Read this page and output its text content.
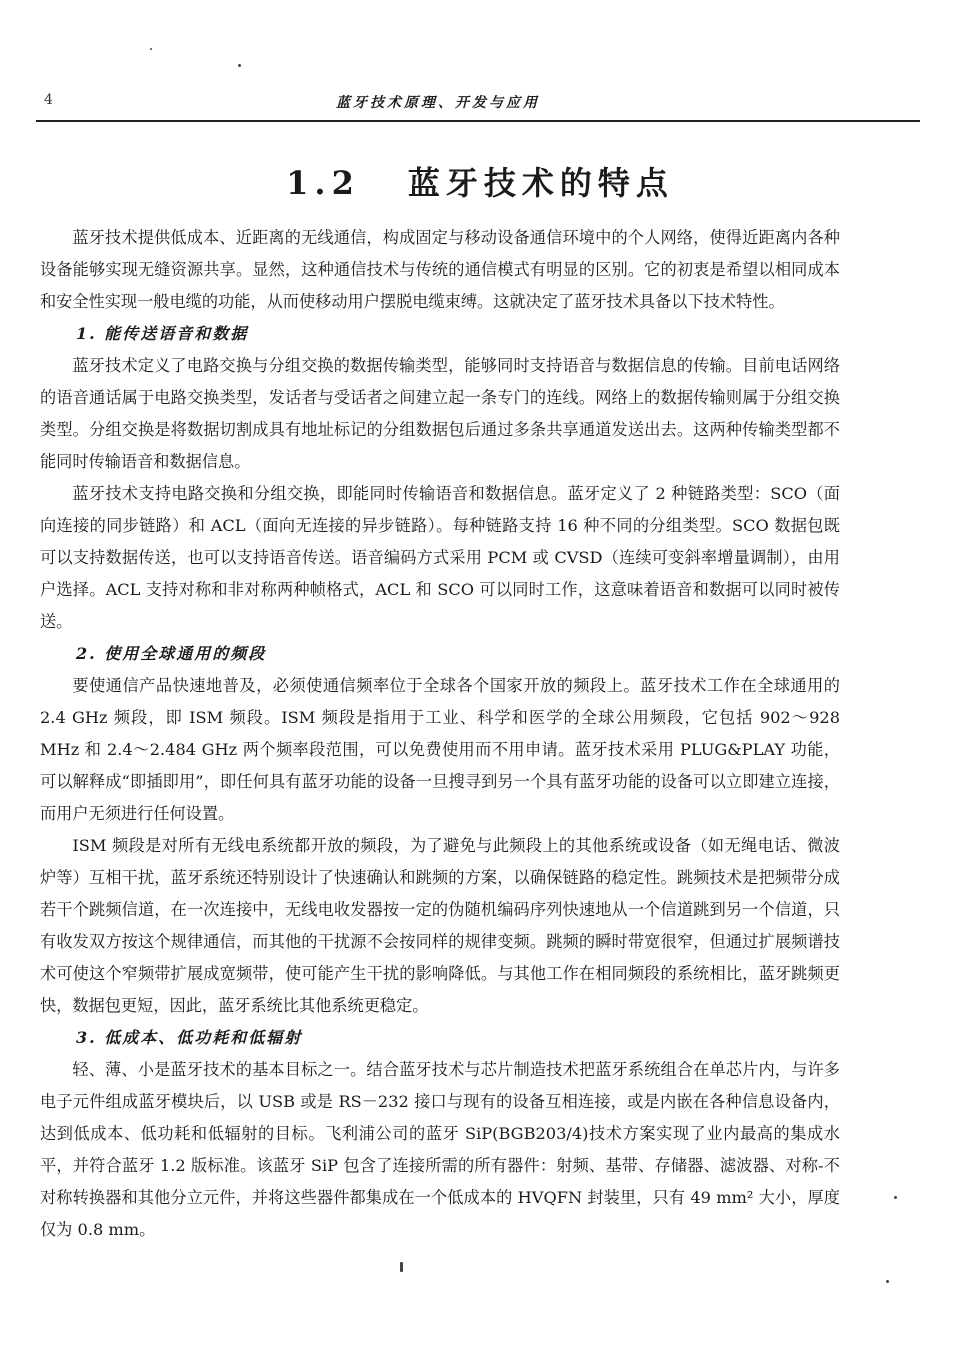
4	蓝牙技术原理、开发与应用
1.2 蓝牙技术的特点

蓝牙技术提供低成本、近距离的无线通信，构成固定与移动设备通信环境中的个人网络，使得近距离内各种设备能够实现无缝资源共享。显然，这种通信技术与传统的通信模式有明显的区别。它的初衷是希望以相同成本和安全性实现一般电缆的功能，从而使移动用户摆脱电缆束缚。这就决定了蓝牙技术具备以下技术特性。

1. 能传送语音和数据

蓝牙技术定义了电路交换与分组交换的数据传输类型，能够同时支持语音与数据信息的传输。目前电话网络的语音通话属于电路交换类型，发话者与受话者之间建立起一条专门的连线。网络上的数据传输则属于分组交换类型。分组交换是将数据切割成具有地址标记的分组数据包后通过多条共享通道发送出去。这两种传输类型都不能同时传输语音和数据信息。

蓝牙技术支持电路交换和分组交换，即能同时传输语音和数据信息。蓝牙定义了 2 种链路类型：SCO（面向连接的同步链路）和 ACL（面向无连接的异步链路）。每种链路支持 16 种不同的分组类型。SCO 数据包既可以支持数据传送，也可以支持语音传送。语音编码方式采用 PCM 或 CVSD（连续可变斜率增量调制），由用户选择。ACL 支持对称和非对称两种帧格式，ACL 和 SCO 可以同时工作，这意味着语音和数据可以同时被传送。

2. 使用全球通用的频段

要使通信产品快速地普及，必须使通信频率位于全球各个国家开放的频段上。蓝牙技术工作在全球通用的 2.4 GHz 频段，即 ISM 频段。ISM 频段是指用于工业、科学和医学的全球公用频段，它包括 902～928 MHz 和 2.4～2.484 GHz 两个频率段范围，可以免费使用而不用申请。蓝牙技术采用 PLUG&PLAY 功能，可以解释成“即插即用”，即任何具有蓝牙功能的设备一旦搜寻到另一个具有蓝牙功能的设备可以立即建立连接，而用户无须进行任何设置。

ISM 频段是对所有无线电系统都开放的频段，为了避免与此频段上的其他系统或设备（如无绳电话、微波炉等）互相干扰，蓝牙系统还特别设计了快速确认和跳频的方案，以确保链路的稳定性。跳频技术是把频带分成若干个跳频信道，在一次连接中，无线电收发器按一定的伪随机编码序列快速地从一个信道跳到另一个信道，只有收发双方按这个规律通信，而其他的干扰源不会按同样的规律变频。跳频的瞬时带宽很窄，但通过扩展频谱技术可使这个窄频带扩展成宽频带，使可能产生干扰的影响降低。与其他工作在相同频段的系统相比，蓝牙跳频更快，数据包更短，因此，蓝牙系统比其他系统更稳定。

3. 低成本、低功耗和低辐射

轻、薄、小是蓝牙技术的基本目标之一。结合蓝牙技术与芯片制造技术把蓝牙系统组合在单芯片内，与许多电子元件组成蓝牙模块后，以 USB 或是 RS－232 接口与现有的设备互相连接，或是内嵌在各种信息设备内，达到低成本、低功耗和低辐射的目标。飞利浦公司的蓝牙 SiP(BGB203/4)技术方案实现了业内最高的集成水平，并符合蓝牙 1.2 版标准。该蓝牙 SiP 包含了连接所需的所有器件：射频、基带、存储器、滤波器、对称-不对称转换器和其他分立元件，并将这些器件都集成在一个低成本的 HVQFN 封装里，只有 49 mm² 大小，厚度仅为 0.8 mm。
